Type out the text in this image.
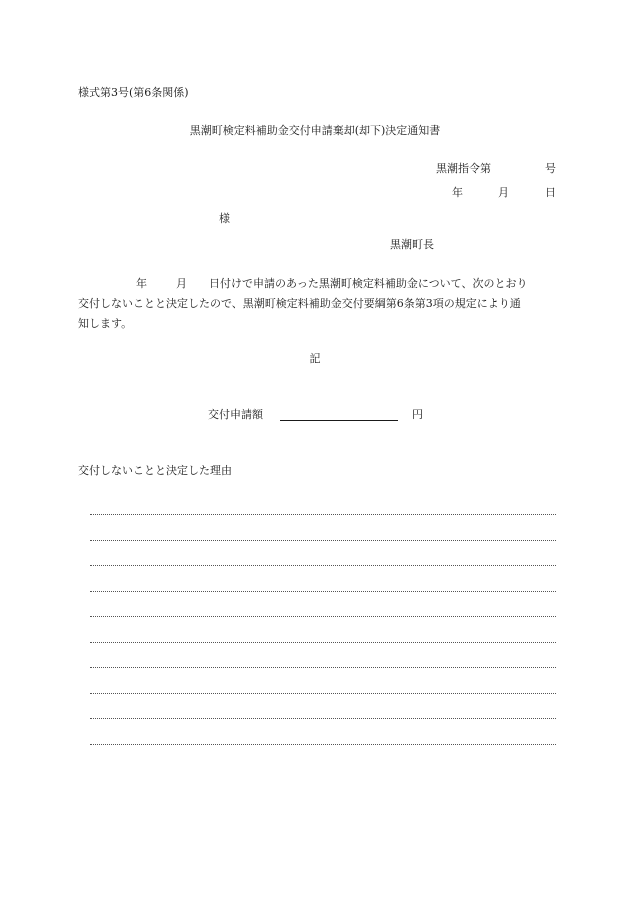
様式第3号(第6条関係)
黒潮町検定料補助金交付申請棄却(却下)決定通知書
黒潮指令第	号
年	月	日
様
黒潮町長
年	月 日付けで申請のあった黒潮町検定料補助金について、次のとおり
交付しないことと決定したので、黒潮町検定料補助金交付要綱第6条第3項の規定により通
知します。
記
交付申請額	円
交付しないことと決定した理由
